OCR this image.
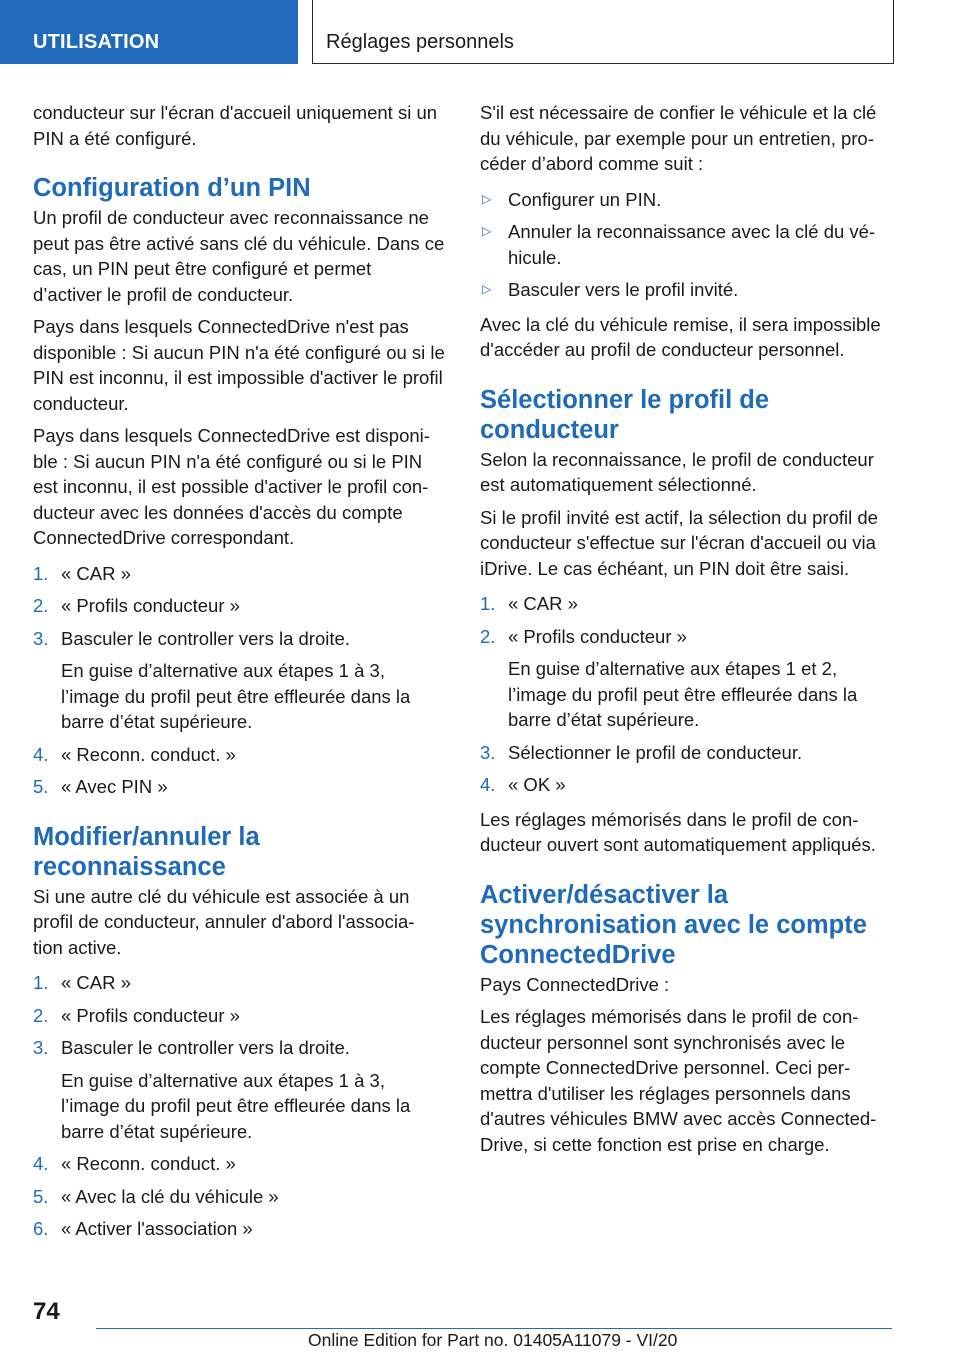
UTILISATION	Réglages personnels

conducteur sur l'écran d'accueil uniquement si un PIN a été configuré.

Configuration d’un PIN

Un profil de conducteur avec reconnaissance ne peut pas être activé sans clé du véhicule. Dans ce cas, un PIN peut être configuré et permet d’activer le profil de conducteur.

Pays dans lesquels ConnectedDrive n'est pas disponible : Si aucun PIN n'a été configuré ou si le PIN est inconnu, il est impossible d'activer le profil conducteur.

Pays dans lesquels ConnectedDrive est disponi‐ ble : Si aucun PIN n'a été configuré ou si le PIN est inconnu, il est possible d'activer le profil con‐ ducteur avec les données d'accès du compte ConnectedDrive correspondant.

1. « CAR »
2. « Profils conducteur »
3. Basculer le controller vers la droite.
En guise d’alternative aux étapes 1 à 3, l’image du profil peut être effleurée dans la barre d’état supérieure.
4. « Reconn. conduct. »
5. « Avec PIN »
Modifier/annuler la reconnaissance

Si une autre clé du véhicule est associée à un profil de conducteur, annuler d'abord l'associa‐ tion active.

1. « CAR »
2. « Profils conducteur »
3. Basculer le controller vers la droite.
En guise d’alternative aux étapes 1 à 3, l’image du profil peut être effleurée dans la barre d’état supérieure.
4. « Reconn. conduct. »
5. « Avec la clé du véhicule »
6. « Activer l'association »

S'il est nécessaire de confier le véhicule et la clé du véhicule, par exemple pour un entretien, pro‐ céder d’abord comme suit :

▷ Configurer un PIN.
▷ Annuler la reconnaissance avec la clé du vé‐ hicule.
▷ Basculer vers le profil invité.

Avec la clé du véhicule remise, il sera impossible d'accéder au profil de conducteur personnel.

Sélectionner le profil de conducteur

Selon la reconnaissance, le profil de conducteur est automatiquement sélectionné.

Si le profil invité est actif, la sélection du profil de conducteur s'effectue sur l'écran d'accueil ou via iDrive. Le cas échéant, un PIN doit être saisi.

1. « CAR »
2. « Profils conducteur »
En guise d’alternative aux étapes 1 et 2, l’image du profil peut être effleurée dans la barre d’état supérieure.
3. Sélectionner le profil de conducteur.
4. « OK »

Les réglages mémorisés dans le profil de con‐ ducteur ouvert sont automatiquement appliqués.

Activer/désactiver la synchronisation avec le compte ConnectedDrive

Pays ConnectedDrive :

Les réglages mémorisés dans le profil de con‐ ducteur personnel sont synchronisés avec le compte ConnectedDrive personnel. Ceci per‐ mettra d'utiliser les réglages personnels dans d'autres véhicules BMW avec accès Connected‐ Drive, si cette fonction est prise en charge.

74
Online Edition for Part no. 01405A11079 - VI/20
